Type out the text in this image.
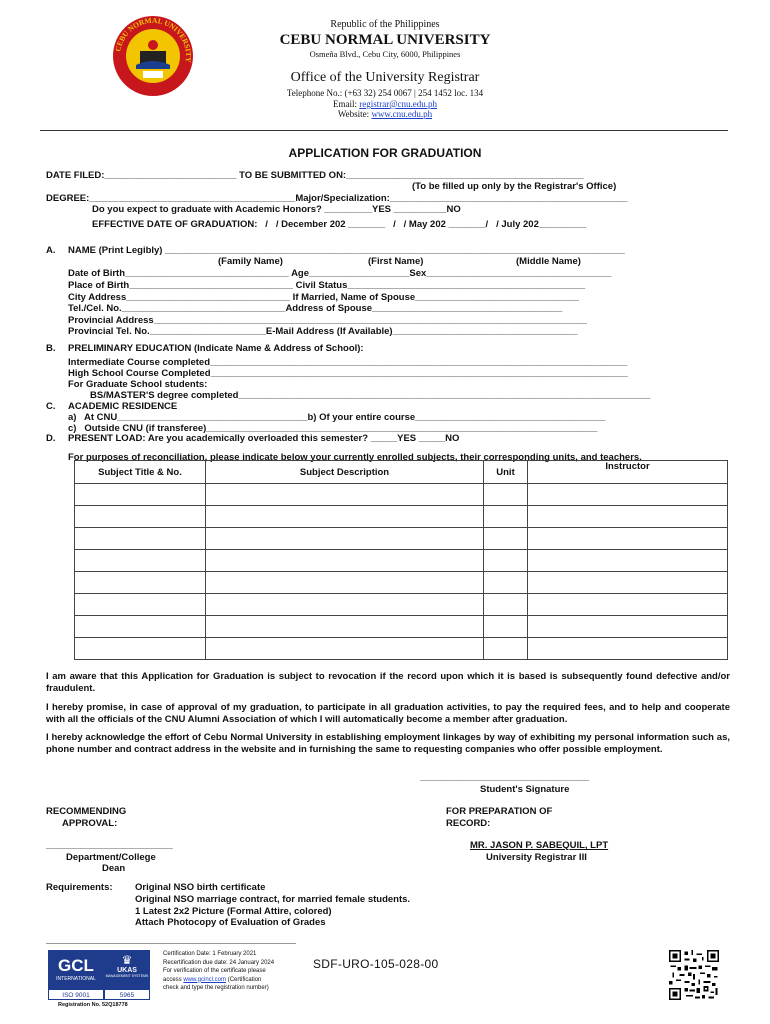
CEBU NORMAL UNIVERSITY
Republic of the Philippines
CEBU NORMAL UNIVERSITY
Osmeña Blvd., Cebu City, 6000, Philippines
Office of the University Registrar
Telephone No.: (+63 32) 254 0067 | 254 1452 loc. 134
Email: registrar@cnu.edu.ph
Website: www.cnu.edu.ph
APPLICATION FOR GRADUATION
DATE FILED:_________________________ TO BE SUBMITTED ON:_____________________________________________
(To be filled up only by the Registrar's Office)
DEGREE:_______________________________________Major/Specialization:_____________________________________________
Do you expect to graduate with Academic Honors? _________YES __________NO
EFFECTIVE DATE OF GRADUATION:   /   / December 202 _______   /   / May 202 _______/   / July 202_________
A. NAME (Print Legibly) _______________________________________________________________________________________
(Family Name)	(First Name)	(Middle Name)
Date of Birth_______________________________ Age___________________Sex___________________________________
Place of Birth_______________________________ Civil Status_____________________________________________
City Address_______________________________ If Married, Name of Spouse_______________________________
Tel./Cel. No._______________________________Address of Spouse____________________________________
Provincial Address__________________________________________________________________________________
Provincial Tel. No.______________________E-Mail Address (If Available)___________________________________
B. PRELIMINARY EDUCATION (Indicate Name & Address of School):
Intermediate Course completed_______________________________________________________________________________
High School Course Completed_______________________________________________________________________________
For Graduate School students:
BS/MASTER'S degree completed______________________________________________________________________________
C. ACADEMIC RESIDENCE
a)   At CNU____________________________________b) Of your entire course____________________________________
c)   Outside CNU (if transferee)__________________________________________________________________________
D. PRESENT LOAD: Are you academically overloaded this semester? _____YES _____NO
For purposes of reconciliation, please indicate below your currently enrolled subjects, their corresponding units, and teachers.
Subject Title & No.	Subject Description	Unit	Instructor

I am aware that this Application for Graduation is subject to revocation if the record upon which it is based is subsequently found defective and/or fraudulent.
I hereby promise, in case of approval of my graduation, to participate in all graduation activities, to pay the required fees, and to help and cooperate with all the officials of the CNU Alumni Association of which I will automatically become a member after graduation.
I hereby acknowledge the effort of Cebu Normal University in establishing employment linkages by way of exhibiting my personal information such as, phone number and contract address in the website and in furnishing the same to requesting companies who offer possible employment.
________________________________
Student's Signature
RECOMMENDING
APPROVAL:
FOR PREPARATION OF
RECORD:
________________________
Department/College
Dean
MR. JASON P. SABEQUIL, LPT
University Registrar III
Requirements: Original NSO birth certificate
Original NSO marriage contract, for married female students.
1 Latest 2x2 Picture (Formal Attire, colored)
Attach Photocopy of Evaluation of Grades
GCL
INTERNATIONAL
ISO 9001
♛
UKAS
MANAGEMENT SYSTEMS
5965
Certification Date: 1 February 2021
Recertification due date: 24 January 2024
For verification of the certificate please
access www.gcincl.com (Certification
check and type the registration number)
Registration No. 52Q18778
SDF-URO-105-028-00
